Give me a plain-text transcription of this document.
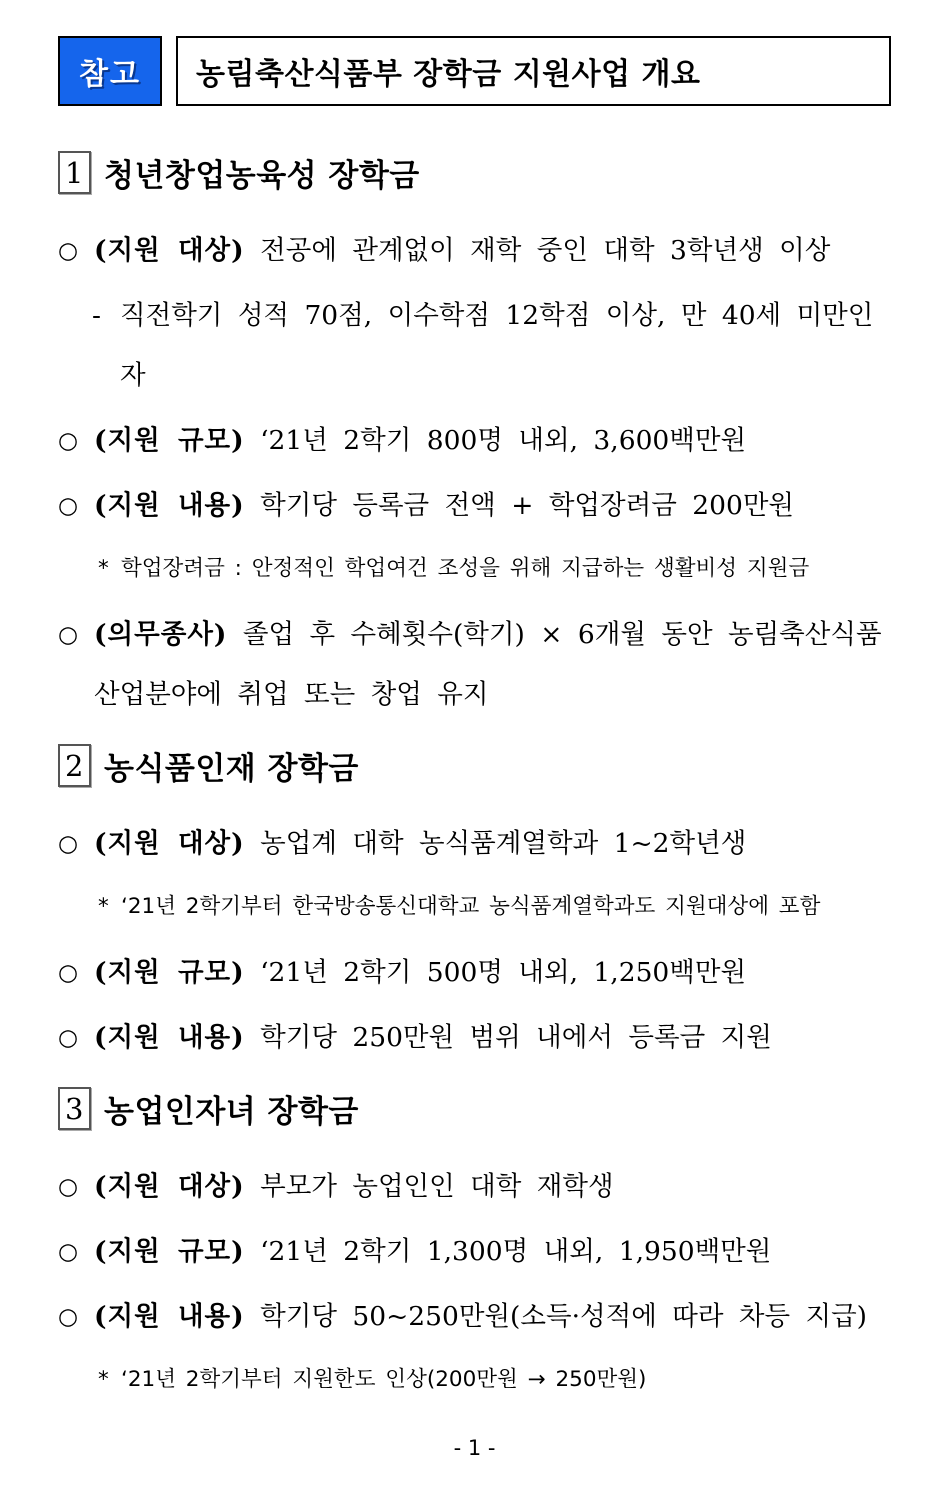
참고	농림축산식품부 장학금 지원사업 개요
1 청년창업농육성 장학금
○ (지원 대상) 전공에 관계없이 재학 중인 대학 3학년생 이상
- 직전학기 성적 70점, 이수학점 12학점 이상, 만 40세 미만인 자
○ (지원 규모) ‘21년 2학기 800명 내외, 3,600백만원
○ (지원 내용) 학기당 등록금 전액 + 학업장려금 200만원
* 학업장려금 : 안정적인 학업여건 조성을 위해 지급하는 생활비성 지원금
○ (의무종사) 졸업 후 수혜횟수(학기) × 6개월 동안 농림축산식품산업분야에 취업 또는 창업 유지
2 농식품인재 장학금
○ (지원 대상) 농업계 대학 농식품계열학과 1~2학년생
* ‘21년 2학기부터 한국방송통신대학교 농식품계열학과도 지원대상에 포함
○ (지원 규모) ‘21년 2학기 500명 내외, 1,250백만원
○ (지원 내용) 학기당 250만원 범위 내에서 등록금 지원
3 농업인자녀 장학금
○ (지원 대상) 부모가 농업인인 대학 재학생
○ (지원 규모) ‘21년 2학기 1,300명 내외, 1,950백만원
○ (지원 내용) 학기당 50~250만원(소득·성적에 따라 차등 지급)
* ‘21년 2학기부터 지원한도 인상(200만원 → 250만원)
- 1 -
